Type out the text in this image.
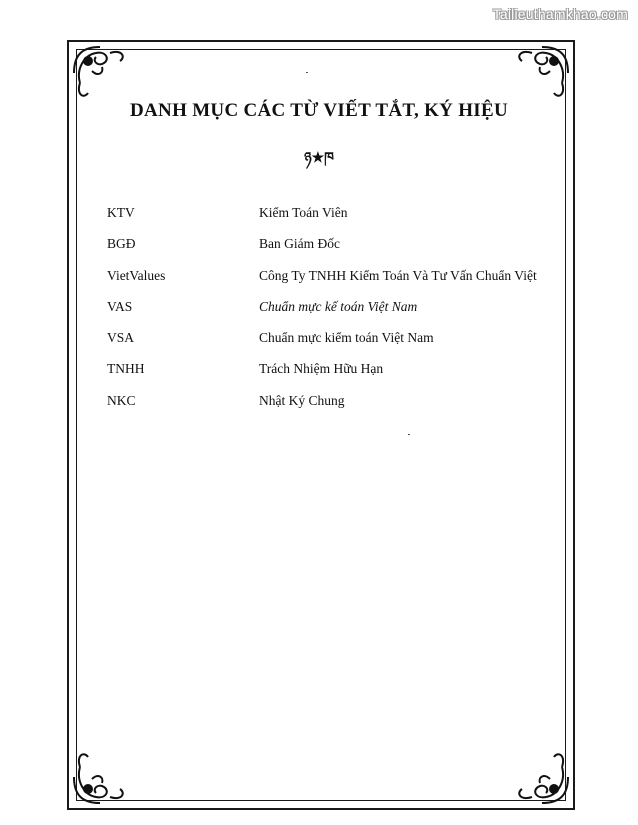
Tailieuthamkhao.com
DANH MỤC CÁC TỪ VIẾT TẮT, KÝ HIỆU
ཉ★ཁ
KTV	Kiểm Toán Viên
BGĐ	Ban Giám Đốc
VietValues	Công Ty TNHH Kiểm Toán Và Tư Vấn Chuẩn Việt
VAS	Chuẩn mực kế toán Việt Nam
VSA	Chuẩn mực kiểm toán Việt Nam
TNHH	Trách Nhiệm Hữu Hạn
NKC	Nhật Ký Chung
